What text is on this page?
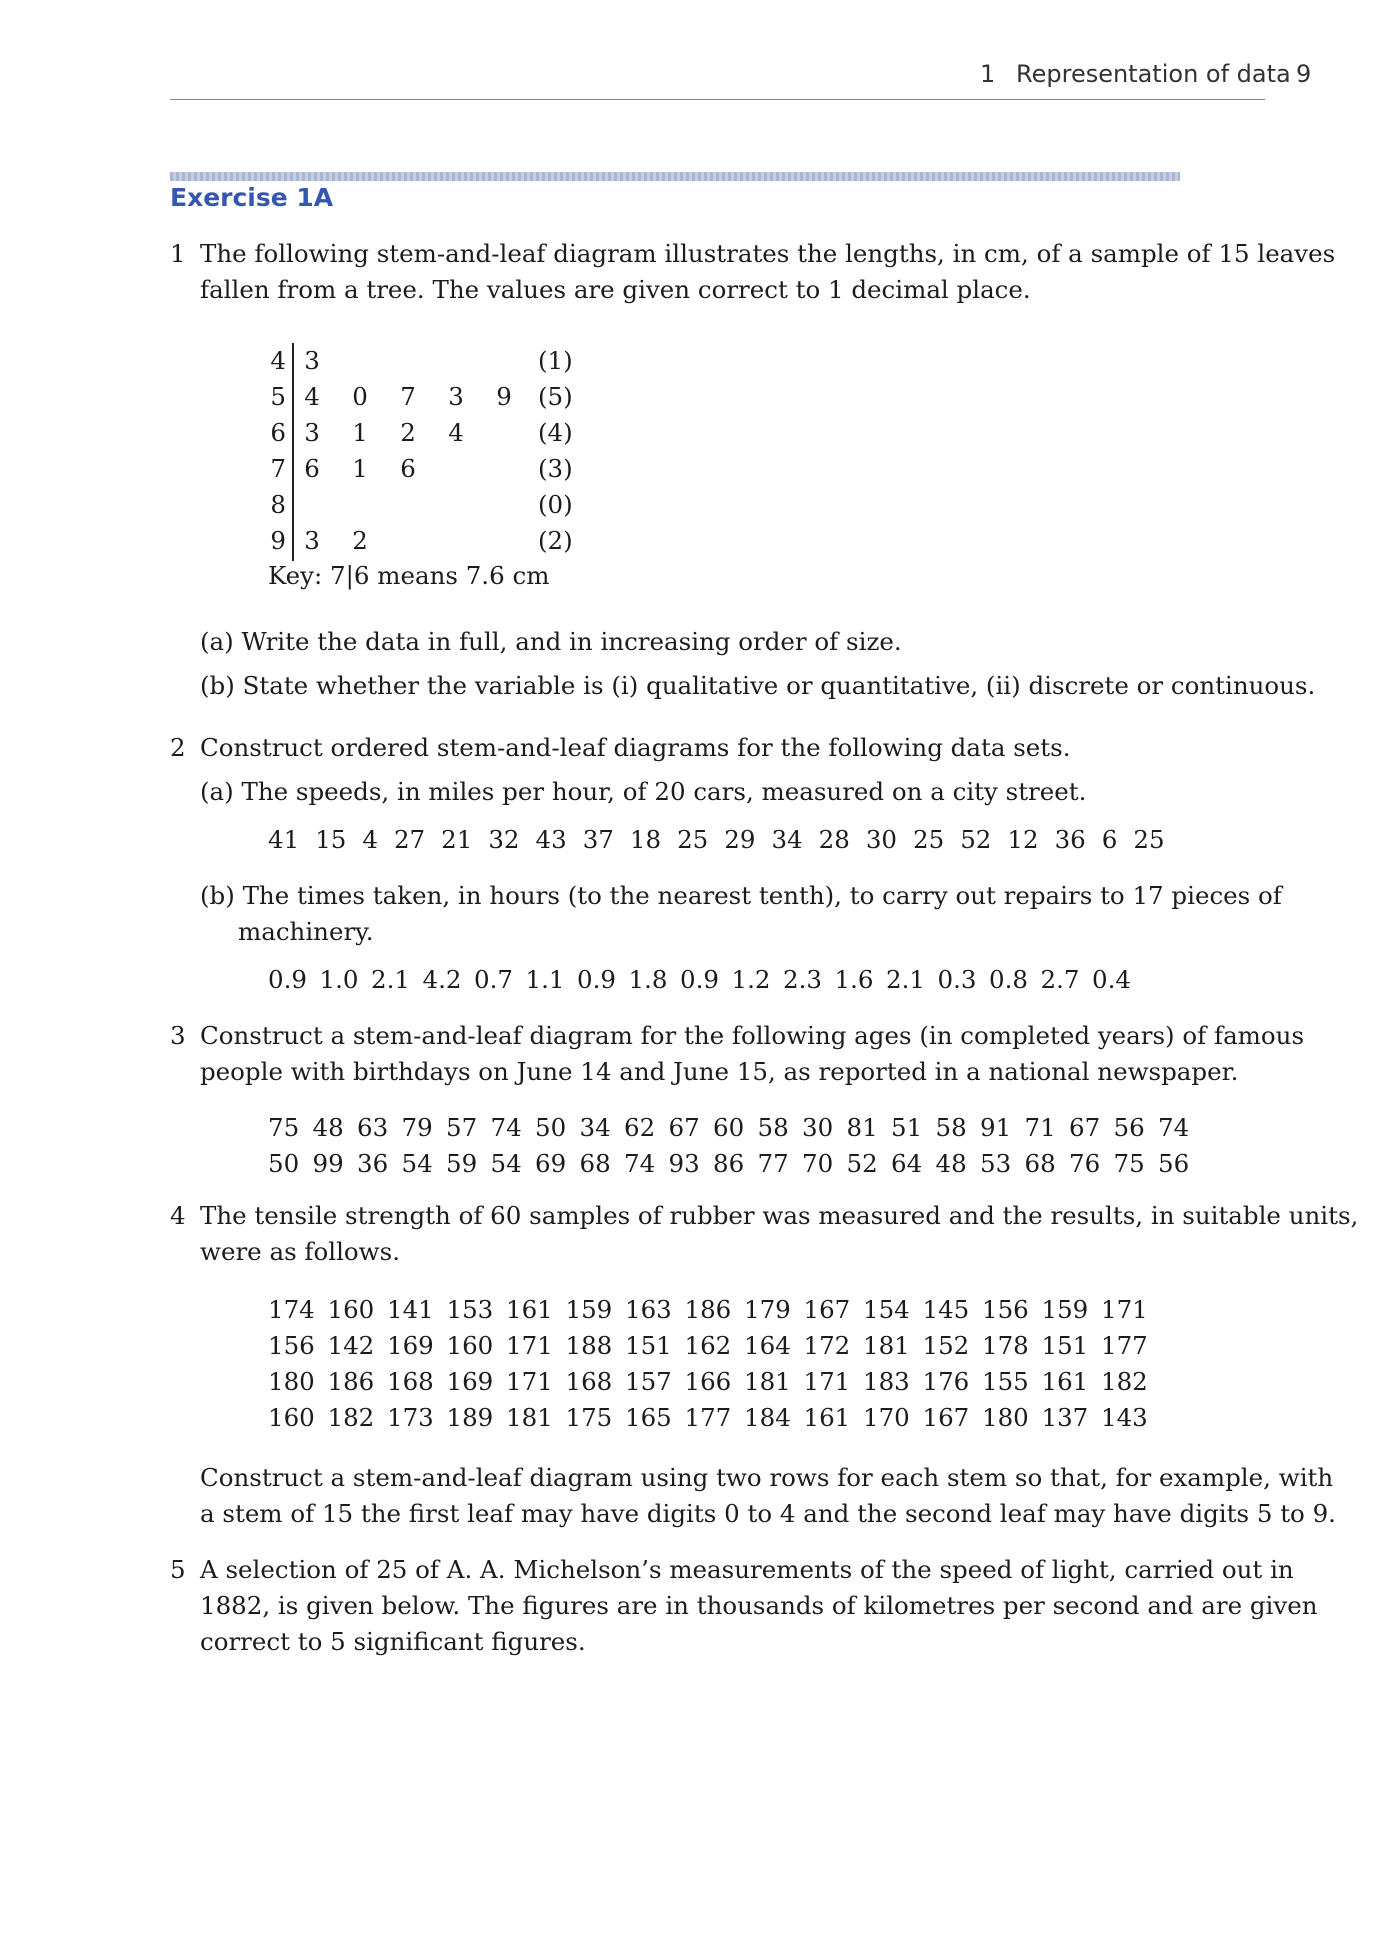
1 Representation of data 9
Exercise 1A
1 The following stem-and-leaf diagram illustrates the lengths, in cm, of a sample of 15 leaves
fallen from a tree. The values are given correct to 1 decimal place.
4 3	(1)
5 4 0 7 3 9 (5)
6 3 1 2 4	(4)
7 6 1 6	(3)
8	(0)
9 3 2	(2)
Key: 7|6 means 7.6 cm
(a) Write the data in full, and in increasing order of size.
(b) State whether the variable is (i) qualitative or quantitative, (ii) discrete or continuous.
2 Construct ordered stem-and-leaf diagrams for the following data sets.
(a) The speeds, in miles per hour, of 20 cars, measured on a city street.
41 15 4 27 21 32 43 37 18 25 29 34 28 30 25 52 12 36 6 25
(b) The times taken, in hours (to the nearest tenth), to carry out repairs to 17 pieces of
machinery.
0.9 1.0 2.1 4.2 0.7 1.1 0.9 1.8 0.9 1.2 2.3 1.6 2.1 0.3 0.8 2.7 0.4
3 Construct a stem-and-leaf diagram for the following ages (in completed years) of famous
people with birthdays on June 14 and June 15, as reported in a national newspaper.
75 48 63 79 57 74 50 34 62 67 60 58 30 81 51 58 91 71 67 56 74
50 99 36 54 59 54 69 68 74 93 86 77 70 52 64 48 53 68 76 75 56
4 The tensile strength of 60 samples of rubber was measured and the results, in suitable units,
were as follows.
174 160 141 153 161 159 163 186 179 167 154 145 156 159 171
156 142 169 160 171 188 151 162 164 172 181 152 178 151 177
180 186 168 169 171 168 157 166 181 171 183 176 155 161 182
160 182 173 189 181 175 165 177 184 161 170 167 180 137 143
Construct a stem-and-leaf diagram using two rows for each stem so that, for example, with
a stem of 15 the first leaf may have digits 0 to 4 and the second leaf may have digits 5 to 9.
5 A selection of 25 of A. A. Michelson’s measurements of the speed of light, carried out in
1882, is given below. The figures are in thousands of kilometres per second and are given
correct to 5 significant figures.
